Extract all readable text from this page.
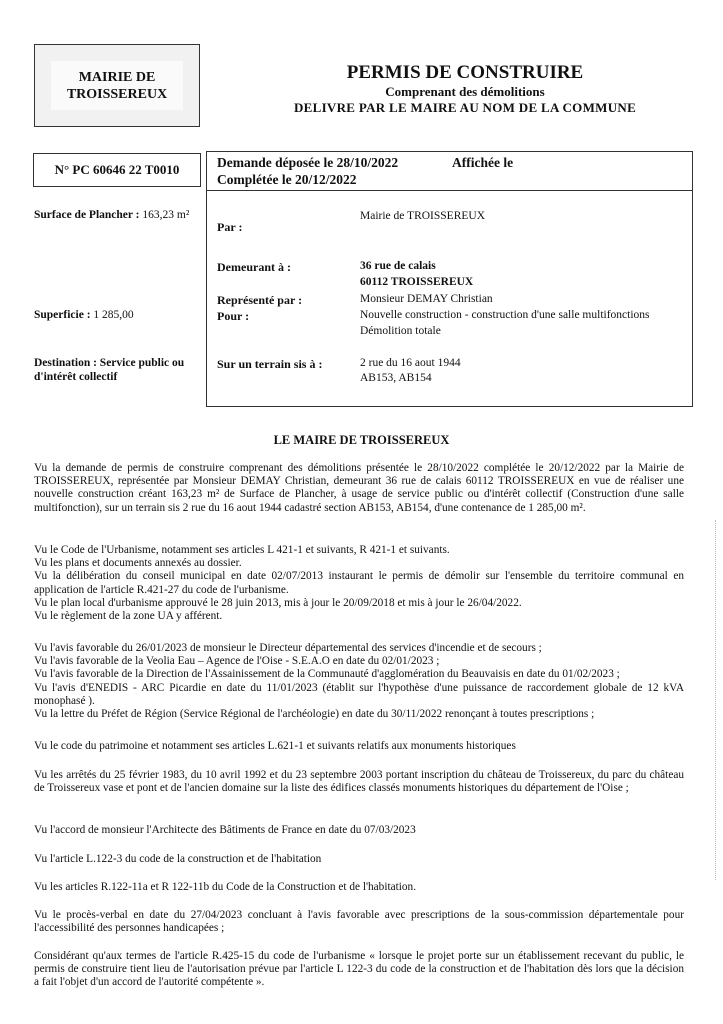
MAIRIE DE
TROISSEREUX
PERMIS DE CONSTRUIRE
Comprenant des démolitions
DELIVRE PAR LE MAIRE AU NOM DE LA COMMUNE
N° PC 60646 22 T0010	Demande déposée le 28/10/2022	Affichée le
Complétée le 20/12/2022
Par :
Mairie de TROISSEREUX
Demeurant à :	36 rue de calais
60112 TROISSEREUX
Représenté par :	Monsieur DEMAY Christian
Pour :	Nouvelle construction - construction d'une salle multifonctions
Démolition totale
Sur un terrain sis à :	2 rue du 16 aout 1944
AB153, AB154
Surface de Plancher : 163,23 m²
Superficie : 1 285,00
Destination : Service public ou
d'intérêt collectif
LE MAIRE DE TROISSEREUX

Vu la demande de permis de construire comprenant des démolitions présentée le 28/10/2022 complétée le 20/12/2022 par la Mairie de TROISSEREUX, représentée par Monsieur DEMAY Christian, demeurant 36 rue de calais 60112 TROISSEREUX en vue de réaliser une nouvelle construction créant 163,23 m² de Surface de Plancher, à usage de service public ou d'intérêt collectif (Construction d'une salle multifonction), sur un terrain sis 2 rue du 16 aout 1944 cadastré section AB153, AB154, d'une contenance de 1 285,00 m².

Vu le Code de l'Urbanisme, notamment ses articles L 421-1 et suivants, R 421-1 et suivants.

Vu les plans et documents annexés au dossier.

Vu la délibération du conseil municipal en date 02/07/2013 instaurant le permis de démolir sur l'ensemble du territoire communal en application de l'article R.421-27 du code de l'urbanisme.

Vu le plan local d'urbanisme approuvé le 28 juin 2013, mis à jour le 20/09/2018 et mis à jour le 26/04/2022.

Vu le règlement de la zone UA y afférent.

Vu l'avis favorable du 26/01/2023 de monsieur le Directeur départemental des services d'incendie et de secours ;

Vu l'avis favorable de la Veolia Eau – Agence de l'Oise - S.E.A.O en date du 02/01/2023 ;

Vu l'avis favorable de la Direction de l'Assainissement de la Communauté d'agglomération du Beauvaisis en date du 01/02/2023 ;

Vu l'avis d'ENEDIS - ARC Picardie en date du 11/01/2023 (établit sur l'hypothèse d'une puissance de raccordement globale de 12 kVA monophasé ).

Vu la lettre du Préfet de Région (Service Régional de l'archéologie) en date du 30/11/2022 renonçant à toutes prescriptions ;

Vu le code du patrimoine et notamment ses articles L.621-1 et suivants relatifs aux monuments historiques
Vu les arrêtés du 25 février 1983, du 10 avril 1992 et du 23 septembre 2003 portant inscription du château de Troissereux, du parc du château de Troissereux vase et pont et de l'ancien domaine sur la liste des édifices classés monuments historiques du département de l'Oise ;
Vu l'accord de monsieur l'Architecte des Bâtiments de France en date du 07/03/2023
Vu l'article L.122-3 du code de la construction et de l'habitation
Vu les articles R.122-11a et R 122-11b du Code de la Construction et de l'habitation.
Vu le procès-verbal en date du 27/04/2023 concluant à l'avis favorable avec prescriptions de la sous-commission départementale pour l'accessibilité des personnes handicapées ;
Considérant qu'aux termes de l'article R.425-15 du code de l'urbanisme « lorsque le projet porte sur un établissement recevant du public, le permis de construire tient lieu de l'autorisation prévue par l'article L 122-3 du code de la construction et de l'habitation dès lors que la décision a fait l'objet d'un accord de l'autorité compétente ».
